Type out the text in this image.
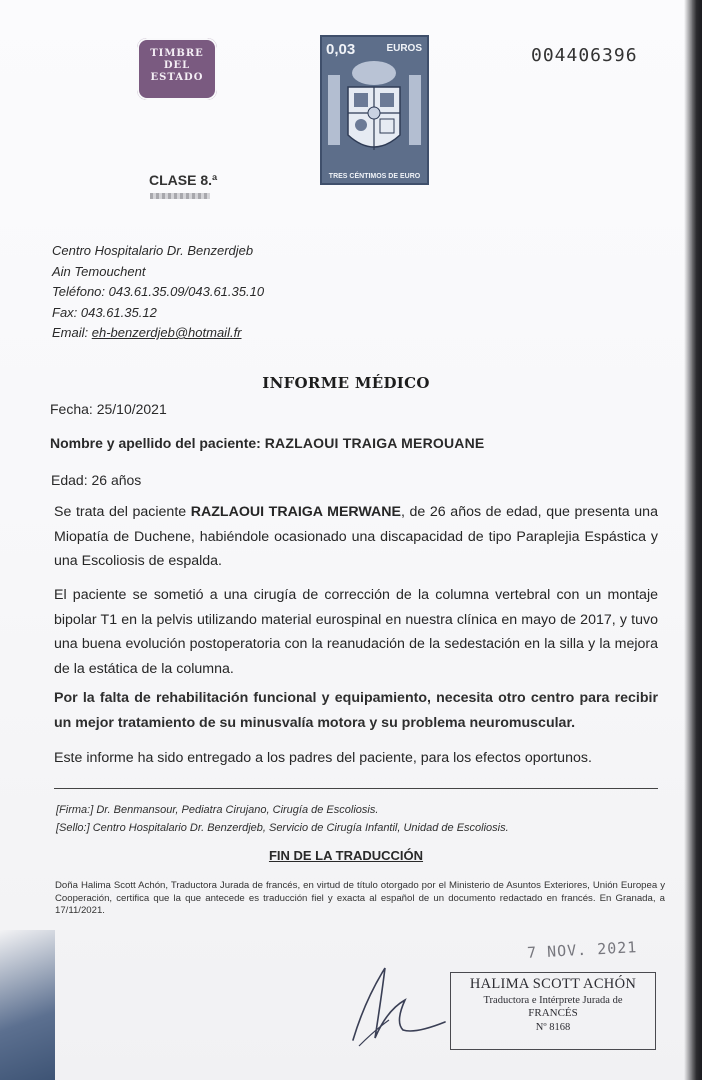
TIMBRE
DEL ESTADO
CLASE 8.ª
0,03	EUROS
TRES CÉNTIMOS DE EURO
004406396
Centro Hospitalario Dr. Benzerdjeb
Ain Temouchent
Teléfono: 043.61.35.09/043.61.35.10
Fax: 043.61.35.12
Email: eh-benzerdjeb@hotmail.fr
INFORME MÉDICO
Fecha: 25/10/2021
Nombre y apellido del paciente: RAZLAOUI TRAIGA MEROUANE
Edad: 26 años
Se trata del paciente RAZLAOUI TRAIGA MERWANE, de 26 años de edad, que presenta una Miopatía de Duchene, habiéndole ocasionado una discapacidad de tipo Paraplejia Espástica y una Escoliosis de espalda.
El paciente se sometió a una cirugía de corrección de la columna vertebral con un montaje bipolar T1 en la pelvis utilizando material eurospinal en nuestra clínica en mayo de 2017, y tuvo una buena evolución postoperatoria con la reanudación de la sedestación en la silla y la mejora de la estática de la columna.
Por la falta de rehabilitación funcional y equipamiento, necesita otro centro para recibir un mejor tratamiento de su minusvalía motora y su problema neuromuscular.
Este informe ha sido entregado a los padres del paciente, para los efectos oportunos.
[Firma:] Dr. Benmansour, Pediatra Cirujano, Cirugía de Escoliosis.
[Sello:] Centro Hospitalario Dr. Benzerdjeb, Servicio de Cirugía Infantil, Unidad de Escoliosis.
FIN DE LA TRADUCCIÓN
Doña Halima Scott Achón, Traductora Jurada de francés, en virtud de título otorgado por el Ministerio de Asuntos Exteriores, Unión Europea y Cooperación, certifica que la que antecede es traducción fiel y exacta al español de un documento redactado en francés. En Granada, a 17/11/2021.
7 NOV. 2021
HALIMA SCOTT ACHÓN
Traductora e Intérprete Jurada de
FRANCÉS
Nº 8168
